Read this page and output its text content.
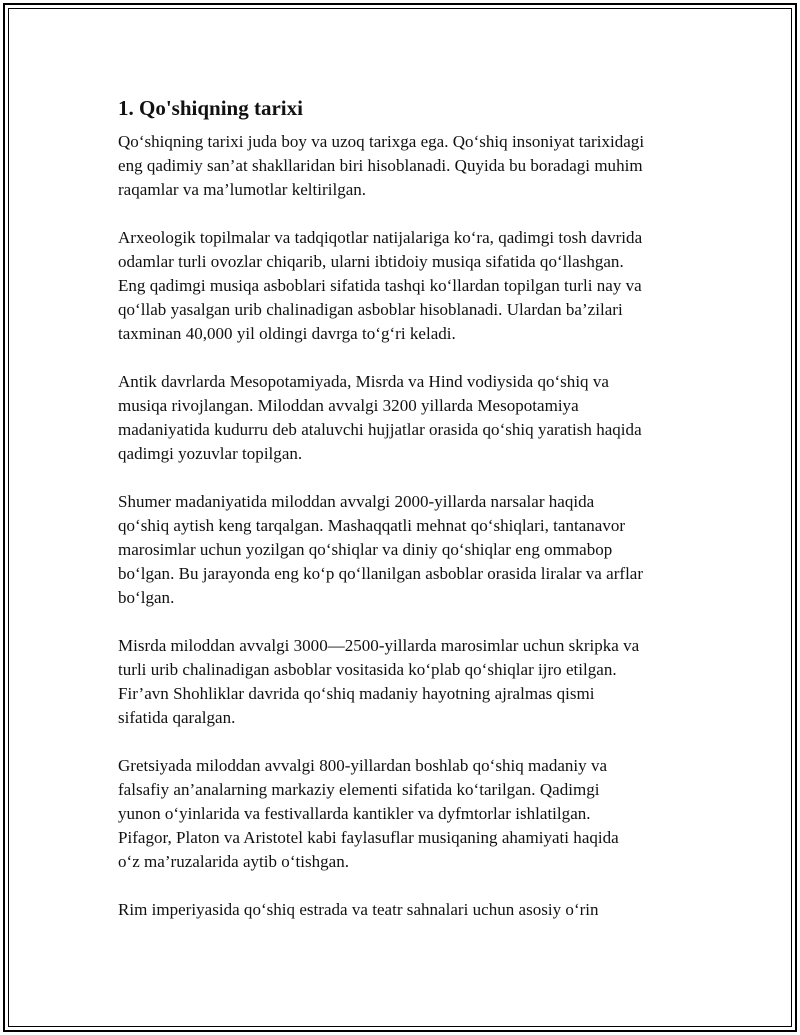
1. Qo'shiqning tarixi
Qo‘shiqning tarixi juda boy va uzoq tarixga ega. Qo‘shiq insoniyat tarixidagi
eng qadimiy san’at shakllaridan biri hisoblanadi. Quyida bu boradagi muhim
raqamlar va ma’lumotlar keltirilgan.
Arxeologik topilmalar va tadqiqotlar natijalariga ko‘ra, qadimgi tosh davrida
odamlar turli ovozlar chiqarib, ularni ibtidoiy musiqa sifatida qo‘llashgan.
Eng qadimgi musiqa asboblari sifatida tashqi ko‘llardan topilgan turli nay va
qo‘llab yasalgan urib chalinadigan asboblar hisoblanadi. Ulardan ba’zilari
taxminan 40,000 yil oldingi davrga to‘g‘ri keladi.
Antik davrlarda Mesopotamiyada, Misrda va Hind vodiysida qo‘shiq va
musiqa rivojlangan. Miloddan avvalgi 3200 yillarda Mesopotamiya
madaniyatida kudurru deb ataluvchi hujjatlar orasida qo‘shiq yaratish haqida
qadimgi yozuvlar topilgan.
Shumer madaniyatida miloddan avvalgi 2000-yillarda narsalar haqida
qo‘shiq aytish keng tarqalgan. Mashaqqatli mehnat qo‘shiqlari, tantanavor
marosimlar uchun yozilgan qo‘shiqlar va diniy qo‘shiqlar eng ommabop
bo‘lgan. Bu jarayonda eng ko‘p qo‘llanilgan asboblar orasida liralar va arflar
bo‘lgan.
Misrda miloddan avvalgi 3000—2500-yillarda marosimlar uchun skripka va
turli urib chalinadigan asboblar vositasida ko‘plab qo‘shiqlar ijro etilgan.
Fir’avn Shohliklar davrida qo‘shiq madaniy hayotning ajralmas qismi
sifatida qaralgan.
Gretsiyada miloddan avvalgi 800-yillardan boshlab qo‘shiq madaniy va
falsafiy an’analarning markaziy elementi sifatida ko‘tarilgan. Qadimgi
yunon o‘yinlarida va festivallarda kantikler va dyfmtorlar ishlatilgan.
Pifagor, Platon va Aristotel kabi faylasuflar musiqaning ahamiyati haqida
o‘z ma’ruzalarida aytib o‘tishgan.
Rim imperiyasida qo‘shiq estrada va teatr sahnalari uchun asosiy o‘rin
